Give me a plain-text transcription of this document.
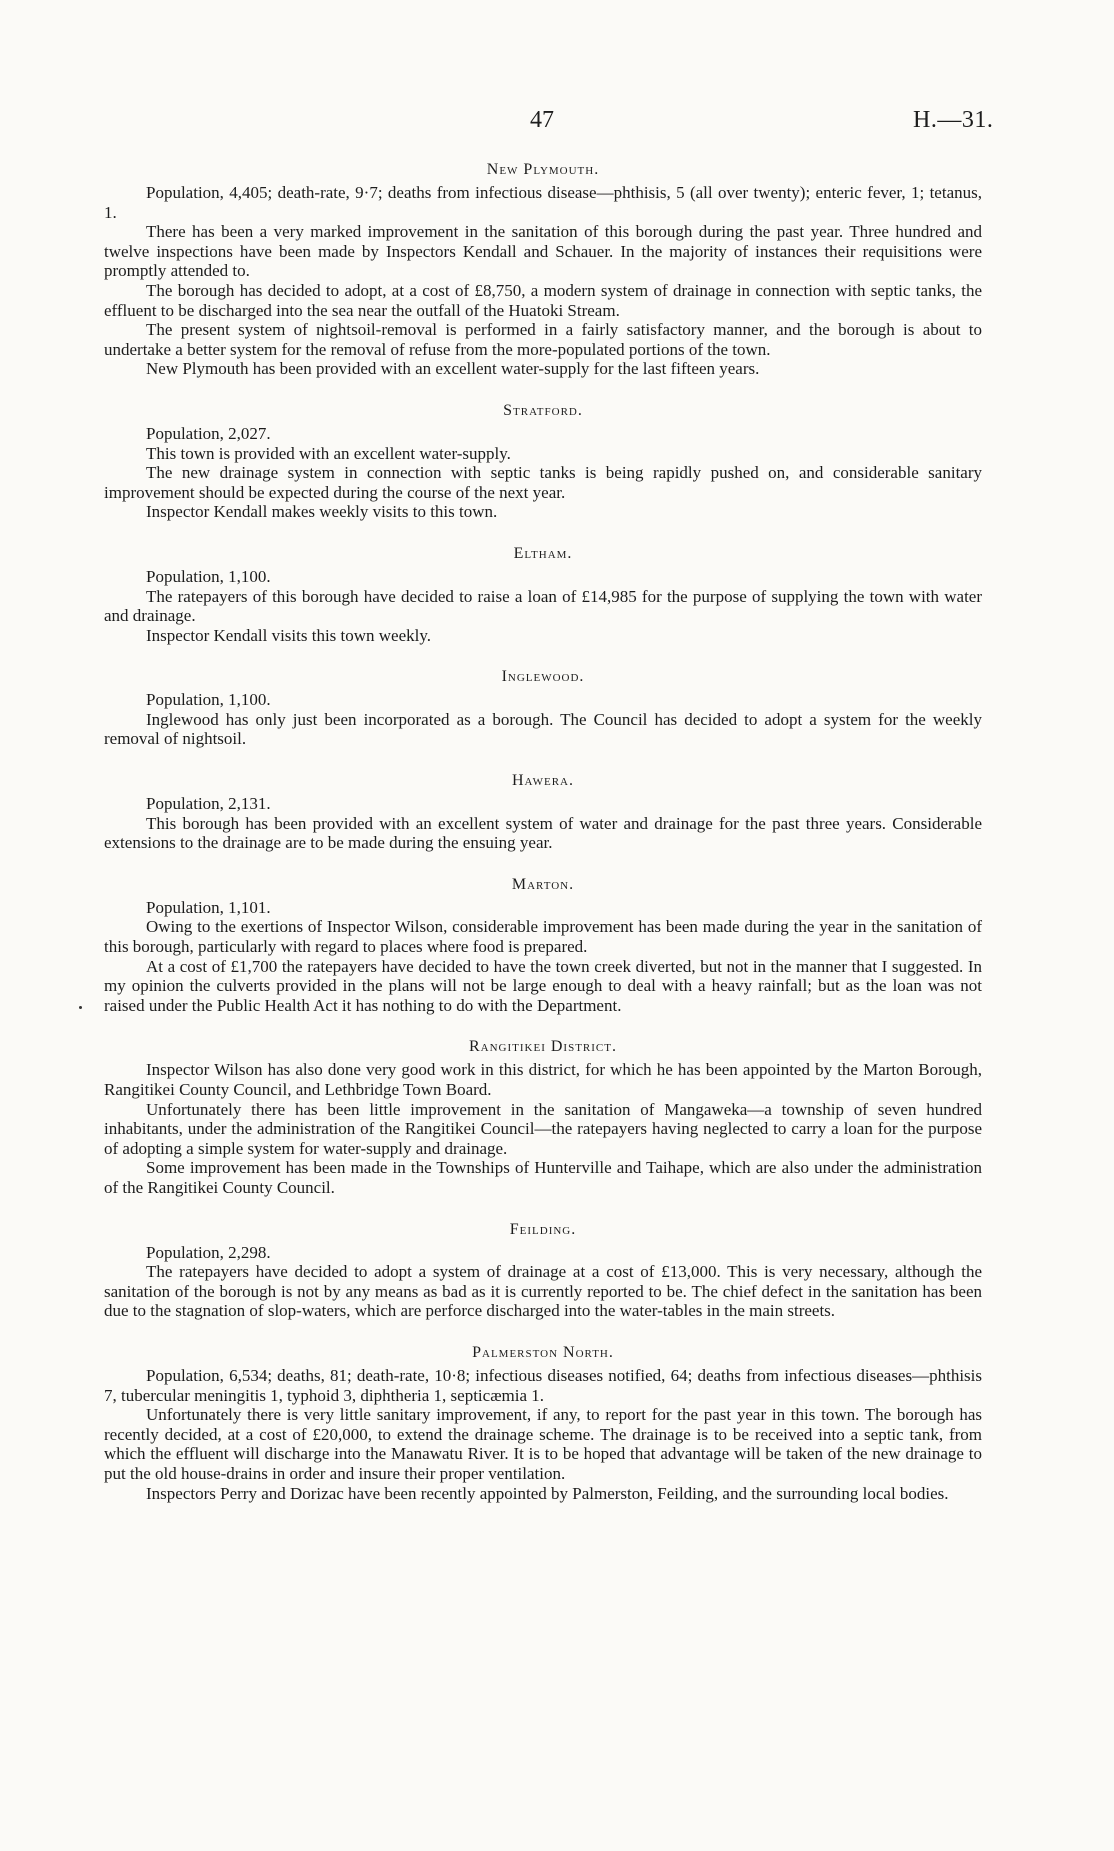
47	H.—31.
New Plymouth.

Population, 4,405; death-rate, 9·7; deaths from infectious disease—phthisis, 5 (all over twenty); enteric fever, 1; tetanus, 1.

There has been a very marked improvement in the sanitation of this borough during the past year. Three hundred and twelve inspections have been made by Inspectors Kendall and Schauer. In the majority of instances their requisitions were promptly attended to.

The borough has decided to adopt, at a cost of £8,750, a modern system of drainage in connection with septic tanks, the effluent to be discharged into the sea near the outfall of the Huatoki Stream.

The present system of nightsoil-removal is performed in a fairly satisfactory manner, and the borough is about to undertake a better system for the removal of refuse from the more-populated portions of the town.

New Plymouth has been provided with an excellent water-supply for the last fifteen years.

Stratford.

Population, 2,027.

This town is provided with an excellent water-supply.

The new drainage system in connection with septic tanks is being rapidly pushed on, and considerable sanitary improvement should be expected during the course of the next year.

Inspector Kendall makes weekly visits to this town.

Eltham.

Population, 1,100.

The ratepayers of this borough have decided to raise a loan of £14,985 for the purpose of supplying the town with water and drainage.

Inspector Kendall visits this town weekly.

Inglewood.

Population, 1,100.

Inglewood has only just been incorporated as a borough. The Council has decided to adopt a system for the weekly removal of nightsoil.

Hawera.

Population, 2,131.

This borough has been provided with an excellent system of water and drainage for the past three years. Considerable extensions to the drainage are to be made during the ensuing year.

Marton.

Population, 1,101.

Owing to the exertions of Inspector Wilson, considerable improvement has been made during the year in the sanitation of this borough, particularly with regard to places where food is prepared.

At a cost of £1,700 the ratepayers have decided to have the town creek diverted, but not in the manner that I suggested. In my opinion the culverts provided in the plans will not be large enough to deal with a heavy rainfall; but as the loan was not raised under the Public Health Act it has nothing to do with the Department.

Rangitikei District.

Inspector Wilson has also done very good work in this district, for which he has been appointed by the Marton Borough, Rangitikei County Council, and Lethbridge Town Board.

Unfortunately there has been little improvement in the sanitation of Mangaweka—a township of seven hundred inhabitants, under the administration of the Rangitikei Council—the ratepayers having neglected to carry a loan for the purpose of adopting a simple system for water-supply and drainage.

Some improvement has been made in the Townships of Hunterville and Taihape, which are also under the administration of the Rangitikei County Council.

Feilding.

Population, 2,298.

The ratepayers have decided to adopt a system of drainage at a cost of £13,000. This is very necessary, although the sanitation of the borough is not by any means as bad as it is currently reported to be. The chief defect in the sanitation has been due to the stagnation of slop-waters, which are perforce discharged into the water-tables in the main streets.

Palmerston North.

Population, 6,534; deaths, 81; death-rate, 10·8; infectious diseases notified, 64; deaths from infectious diseases—phthisis 7, tubercular meningitis 1, typhoid 3, diphtheria 1, septicæmia 1.

Unfortunately there is very little sanitary improvement, if any, to report for the past year in this town. The borough has recently decided, at a cost of £20,000, to extend the drainage scheme. The drainage is to be received into a septic tank, from which the effluent will discharge into the Manawatu River. It is to be hoped that advantage will be taken of the new drainage to put the old house-drains in order and insure their proper ventilation.

Inspectors Perry and Dorizac have been recently appointed by Palmerston, Feilding, and the surrounding local bodies.
